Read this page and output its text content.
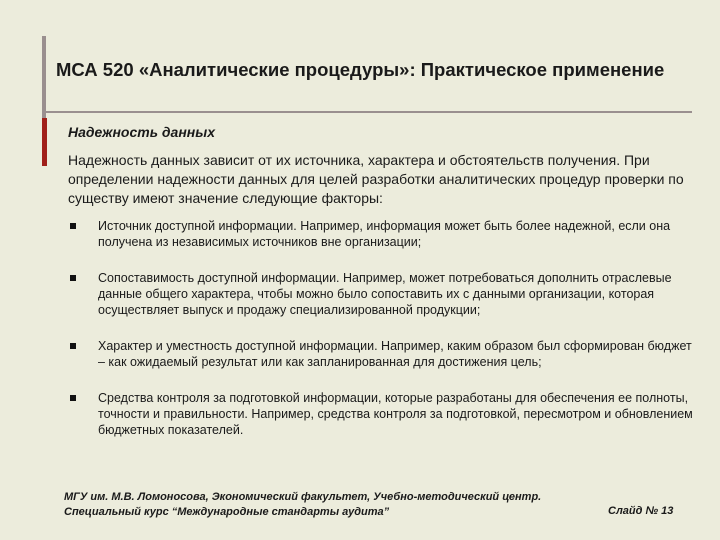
МСА 520 «Аналитические процедуры»: Практическое применение
Надежность данных
Надежность данных зависит от их источника, характера и обстоятельств получения. При определении надежности данных для целей разработки аналитических процедур проверки по существу имеют значение следующие факторы:
Источник доступной информации. Например, информация может быть более надежной, если она получена из независимых источников вне организации;
Сопоставимость доступной информации. Например, может потребоваться дополнить отраслевые данные общего характера, чтобы можно было сопоставить их с данными организации, которая осуществляет выпуск и продажу специализированной продукции;
Характер и уместность доступной информации. Например, каким образом был сформирован бюджет – как ожидаемый результат или как запланированная для достижения цель;
Средства контроля за подготовкой информации, которые разработаны для обеспечения ее полноты, точности и правильности. Например, средства контроля за подготовкой, пересмотром и обновлением бюджетных показателей.
МГУ им. М.В. Ломоносова, Экономический факультет, Учебно-методический центр. Специальный курс “Международные стандарты аудита”	Слайд № 13
